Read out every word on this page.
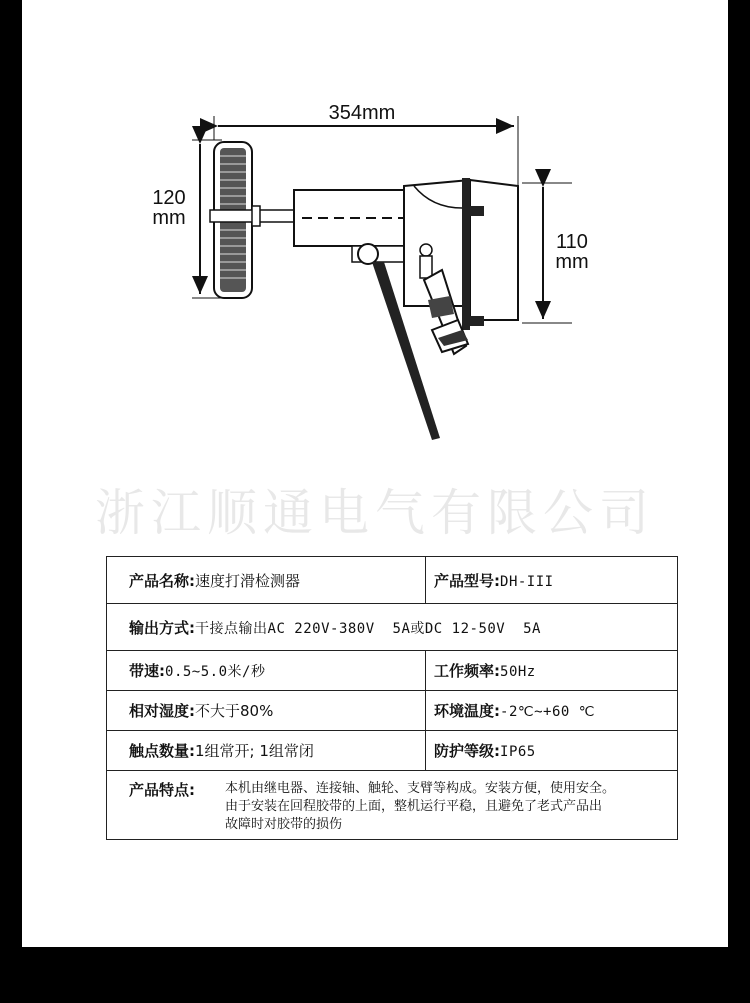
354mm
120
mm
110
mm
浙江顺通电气有限公司
产品名称:速度打滑检测器	产品型号:DH-III
输出方式:干接点输出AC 220V-380V  5A或DC 12-50V  5A	
带速:0.5~5.0米/秒	工作频率:50Hz
相对湿度:不大于80%	环境温度:-2℃~+60 ℃
触点数量:1组常开; 1组常闭	防护等级:IP65

产品特点: 本机由继电器、连接轴、触轮、支臂等构成。安装方便，使用安全。
由于安装在回程胶带的上面，整机运行平稳，且避免了老式产品出
故障时对胶带的损伤	
